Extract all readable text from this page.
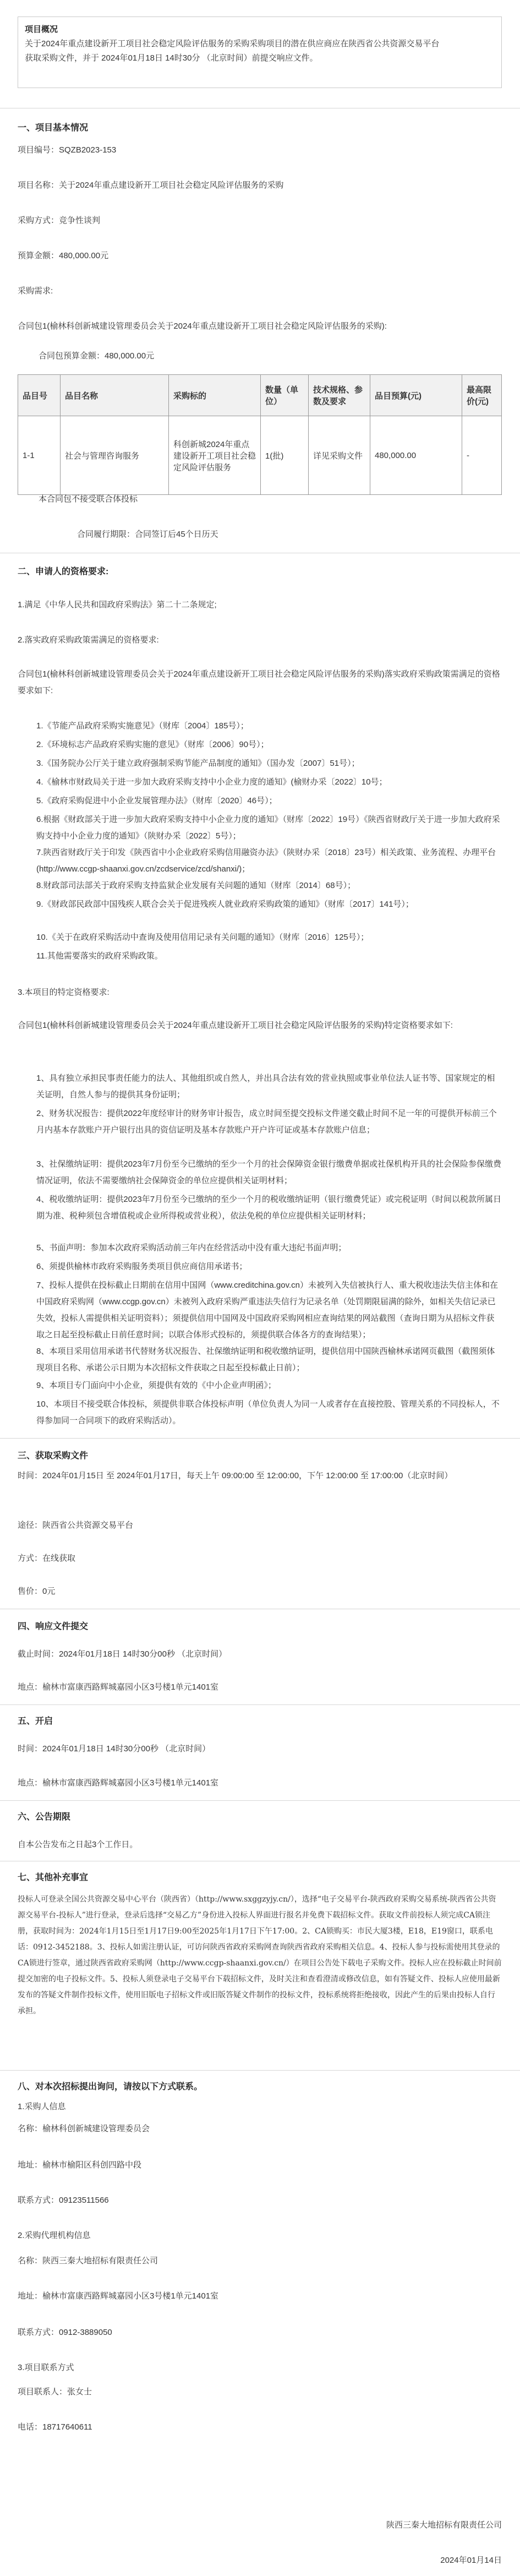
项目概况
关于2024年重点建设新开工项目社会稳定风险评估服务的采购采购项目的潜在供应商应在陕西省公共资源交易平台
获取采购文件，并于 2024年01月18日 14时30分 （北京时间）前提交响应文件。
一、项目基本情况
项目编号：SQZB2023-153
项目名称：关于2024年重点建设新开工项目社会稳定风险评估服务的采购
采购方式：竞争性谈判
预算金额：480,000.00元
采购需求:
合同包1(榆林科创新城建设管理委员会关于2024年重点建设新开工项目社会稳定风险评估服务的采购):
合同包预算金额：480,000.00元
品目号	品目名称	采购标的	数量（单位）	技术规格、参数及要求	品目预算(元)	最高限价(元)
1-1	社会与管理咨询服务	科创新城2024年重点建设新开工项目社会稳定风险评估服务	1(批)	详见采购文件	480,000.00	-
本合同包不接受联合体投标
合同履行期限：合同签订后45个日历天
二、申请人的资格要求:
1.满足《中华人民共和国政府采购法》第二十二条规定;
2.落实政府采购政策需满足的资格要求:
合同包1(榆林科创新城建设管理委员会关于2024年重点建设新开工项目社会稳定风险评估服务的采购)落实政府采购政策需满足的资格要求如下:
1.《节能产品政府采购实施意见》（财库〔2004〕185号）；
2.《环境标志产品政府采购实施的意见》（财库〔2006〕90号）；
3.《国务院办公厅关于建立政府强制采购节能产品制度的通知》（国办发〔2007〕51号）；
4.《榆林市财政局关于进一步加大政府采购支持中小企业力度的通知》(榆财办采〔2022〕10号；
5.《政府采购促进中小企业发展管理办法》（财库〔2020〕46号）；
6.根据《财政部关于进一步加大政府采购支持中小企业力度的通知》（财库〔2022〕19号）《陕西省财政厅关于进一步加大政府采购支持中小企业力度的通知》（陕财办采〔2022〕5号）；
7.陕西省财政厅关于印发《陕西省中小企业政府采购信用融资办法》（陕财办采〔2018〕23号）相关政策、业务流程、办理平台(http://www.ccgp-shaanxi.gov.cn/zcdservice/zcd/shanxi/)；
8.财政部司法部关于政府采购支持监狱企业发展有关问题的通知（财库〔2014〕68号）；
9.《财政部民政部中国残疾人联合会关于促进残疾人就业政府采购政策的通知》（财库〔2017〕141号）；
10.《关于在政府采购活动中查询及使用信用记录有关问题的通知》（财库〔2016〕125号）；
11.其他需要落实的政府采购政策。
3.本项目的特定资格要求:
合同包1(榆林科创新城建设管理委员会关于2024年重点建设新开工项目社会稳定风险评估服务的采购)特定资格要求如下:
1、具有独立承担民事责任能力的法人、其他组织或自然人，并出具合法有效的营业执照或事业单位法人证书等、国家规定的相关证明，自然人参与的提供其身份证明；
2、财务状况报告：提供2022年度经审计的财务审计报告，成立时间至提交投标文件递交截止时间不足一年的可提供开标前三个月内基本存款账户开户银行出具的资信证明及基本存款账户开户许可证或基本存款账户信息；
3、社保缴纳证明：提供2023年7月份至今已缴纳的至少一个月的社会保障资金银行缴费单据或社保机构开具的社会保险参保缴费情况证明，依法不需要缴纳社会保障资金的单位应提供相关证明材料；
4、税收缴纳证明：提供2023年7月份至今已缴纳的至少一个月的税收缴纳证明（银行缴费凭证）或完税证明（时间以税款所属日期为准、税种须包含增值税或企业所得税或营业税），依法免税的单位应提供相关证明材料；
5、书面声明：参加本次政府采购活动前三年内在经营活动中没有重大违纪书面声明；
6、须提供榆林市政府采购服务类项目供应商信用承诺书；
7、投标人提供在投标截止日期前在信用中国网（www.creditchina.gov.cn）未被列入失信被执行人、重大税收违法失信主体和在中国政府采购网（www.ccgp.gov.cn）未被列入政府采购严重违法失信行为记录名单（处罚期限届满的除外，如相关失信记录已失效，投标人需提供相关证明资料）；须提供信用中国网及中国政府采购网相应查询结果的网站截图（查询日期为从招标文件获取之日起至投标截止日前任意时间；以联合体形式投标的，须提供联合体各方的查询结果）；
8、本项目采用信用承诺书代替财务状况报告、社保缴纳证明和税收缴纳证明，提供信用中国陕西榆林承诺网页截图（截图须体现项目名称、承诺公示日期为本次招标文件获取之日起至投标截止日前）；
9、本项目专门面向中小企业，须提供有效的《中小企业声明函》；
10、本项目不接受联合体投标，须提供非联合体投标声明（单位负责人为同一人或者存在直接控股、管理关系的不同投标人，不得参加同一合同项下的政府采购活动）。
三、获取采购文件
时间：2024年01月15日 至 2024年01月17日，每天上午 09:00:00 至 12:00:00，下午 12:00:00 至 17:00:00（北京时间）
途径：陕西省公共资源交易平台
方式：在线获取
售价：0元
四、响应文件提交
截止时间：2024年01月18日 14时30分00秒 （北京时间）
地点：榆林市富康西路辉城嘉园小区3号楼1单元1401室
五、开启
时间：2024年01月18日 14时30分00秒 （北京时间）
地点：榆林市富康西路辉城嘉园小区3号楼1单元1401室
六、公告期限
自本公告发布之日起3个工作日。
七、其他补充事宜
投标人可登录全国公共资源交易中心平台（陕西省）（http://www.sxggzyjy.cn/），选择“电子交易平台-陕西政府采购交易系统-陕西省公共资源交易平台-投标人”进行登录，登录后选择“交易乙方”身份进入投标人界面进行报名并免费下载招标文件。获取文件前投标人须完成CA锁注册，获取时间为：2024年1月15日至1月17日9:00至2025年1月17日下午17:00。2、CA锁购买：市民大厦3楼，E18，E19窗口，联系电话：0912-3452188。3、投标人如需注册认证，可访问陕西省政府采购网查询陕西省政府采购相关信息。4、投标人参与投标需使用其登录的CA锁进行签章，通过陕西省政府采购网（http://www.ccgp-shaanxi.gov.cn/）在项目公告处下载电子采购文件。投标人应在投标截止时间前提交加密的电子投标文件。5、投标人须登录电子交易平台下载招标文件，及时关注和查看澄清或修改信息，如有答疑文件、投标人应使用最新发布的答疑文件制作投标文件，使用旧版电子招标文件或旧版答疑文件制作的投标文件，投标系统将拒绝接收，因此产生的后果由投标人自行承担。
八、对本次招标提出询问，请按以下方式联系。
1.采购人信息
名称：榆林科创新城建设管理委员会
地址：榆林市榆阳区科创四路中段
联系方式：09123511566
2.采购代理机构信息
名称：陕西三秦大地招标有限责任公司
地址：榆林市富康西路辉城嘉园小区3号楼1单元1401室
联系方式：0912-3889050
3.项目联系方式
项目联系人：张女士
电话：18717640611
陕西三秦大地招标有限责任公司
2024年01月14日
